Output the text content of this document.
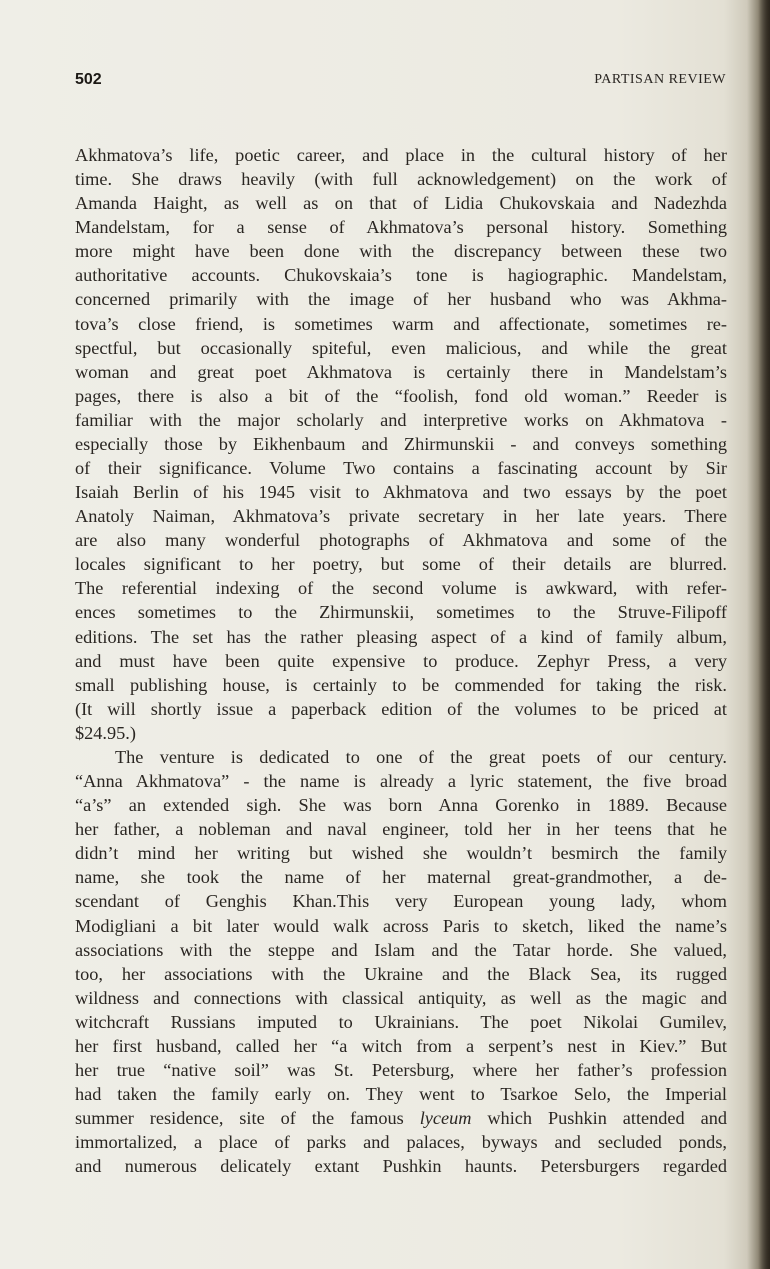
502	PARTISAN REVIEW
Akhmatova’s life, poetic career, and place in the cultural history of her
time. She draws heavily (with full acknowledgement) on the work of
Amanda Haight, as well as on that of Lidia Chukovskaia and Nadezhda
Mandelstam, for a sense of Akhmatova’s personal history. Something
more might have been done with the discrepancy between these two
authoritative accounts. Chukovskaia’s tone is hagiographic. Mandelstam,
concerned primarily with the image of her husband who was Akhma-
tova’s close friend, is sometimes warm and affectionate, sometimes re-
spectful, but occasionally spiteful, even malicious, and while the great
woman and great poet Akhmatova is certainly there in Mandelstam’s
pages, there is also a bit of the “foolish, fond old woman.” Reeder is
familiar with the major scholarly and interpretive works on Akhmatova -
especially those by Eikhenbaum and Zhirmunskii - and conveys something
of their significance. Volume Two contains a fascinating account by Sir
Isaiah Berlin of his 1945 visit to Akhmatova and two essays by the poet
Anatoly Naiman, Akhmatova’s private secretary in her late years. There
are also many wonderful photographs of Akhmatova and some of the
locales significant to her poetry, but some of their details are blurred.
The referential indexing of the second volume is awkward, with refer-
ences sometimes to the Zhirmunskii, sometimes to the Struve-Filipoff
editions. The set has the rather pleasing aspect of a kind of family album,
and must have been quite expensive to produce. Zephyr Press, a very
small publishing house, is certainly to be commended for taking the risk.
(It will shortly issue a paperback edition of the volumes to be priced at
$24.95.)
The venture is dedicated to one of the great poets of our century.
“Anna Akhmatova” - the name is already a lyric statement, the five broad
“a’s” an extended sigh. She was born Anna Gorenko in 1889. Because
her father, a nobleman and naval engineer, told her in her teens that he
didn’t mind her writing but wished she wouldn’t besmirch the family
name, she took the name of her maternal great-grandmother, a de-
scendant of Genghis Khan.This very European young lady, whom
Modigliani a bit later would walk across Paris to sketch, liked the name’s
associations with the steppe and Islam and the Tatar horde. She valued,
too, her associations with the Ukraine and the Black Sea, its rugged
wildness and connections with classical antiquity, as well as the magic and
witchcraft Russians imputed to Ukrainians. The poet Nikolai Gumilev,
her first husband, called her “a witch from a serpent’s nest in Kiev.” But
her true “native soil” was St. Petersburg, where her father’s profession
had taken the family early on. They went to Tsarkoe Selo, the Imperial
summer residence, site of the famous lyceum which Pushkin attended and
immortalized, a place of parks and palaces, byways and secluded ponds,
and numerous delicately extant Pushkin haunts. Petersburgers regarded
